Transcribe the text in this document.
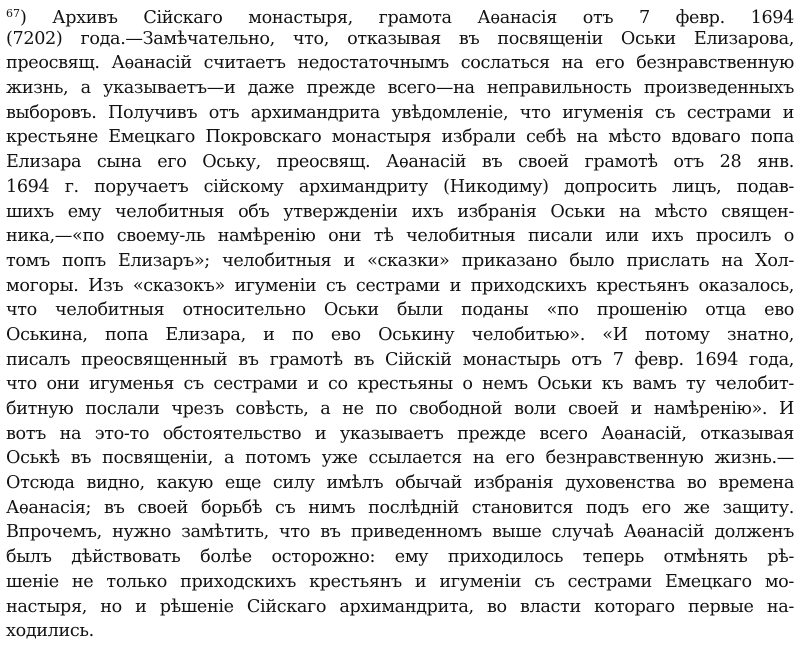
$^{67}$) Архивъ Сійскаго монастыря, грамота Аѳанасія отъ 7 февр. 1694
(7202) года.—Замѣчательно, что, отказывая въ посвященіи Оськи Елизарова,
преосвящ. Аѳанасій считаетъ недостаточнымъ сослаться на его безнравственную
жизнь, а указываетъ—и даже прежде всего—на неправильность произведенныхъ
выборовъ. Получивъ отъ архимандрита увѣдомленіе, что игуменія съ сестрами и
крестьяне Емецкаго Покровскаго монастыря избрали себѣ на мѣсто вдоваго попа
Елизара сына его Оську, преосвящ. Аѳанасій въ своей грамотѣ отъ 28 янв.
1694 г. поручаетъ сійскому архимандриту (Никодиму) допросить лицъ, подав-
шихъ ему челобитныя объ утвержденіи ихъ избранія Оськи на мѣсто священ-
ника,—«по своему-ль намѣренію они тѣ челобитныя писали или ихъ просилъ о
томъ попъ Елизаръ»; челобитныя и «сказки» приказано было прислать на Хол-
могоры. Изъ «сказокъ» игуменіи съ сестрами и приходскихъ крестьянъ оказалось,
что челобитныя относительно Оськи были поданы «по прошенію отца ево
Оськина, попа Елизара, и по ево Оськину челобитью». «И потому знатно,
писалъ преосвященный въ грамотѣ въ Сійскій монастырь отъ 7 февр. 1694 года,
что они игуменья съ сестрами и со крестьяны о немъ Оськи къ вамъ ту челобит-
битную послали чрезъ совѣсть, а не по свободной воли своей и намѣренію». И
вотъ на это-то обстоятельство и указываетъ прежде всего Аѳанасій, отказывая
Оськѣ въ посвященіи, а потомъ уже ссылается на его безнравственную жизнь.—
Отсюда видно, какую еще силу имѣлъ обычай избранія духовенства во времена
Аѳанасія; въ своей борьбѣ съ нимъ послѣдній становится подъ его же защиту.
Впрочемъ, нужно замѣтить, что въ приведенномъ выше случаѣ Аѳанасій долженъ
былъ дѣйствовать болѣе осторожно: ему приходилось теперь отмѣнять рѣ-
шеніе не только приходскихъ крестьянъ и игуменіи съ сестрами Емецкаго мо-
настыря, но и рѣшеніе Сійскаго архимандрита, во власти котораго первые на-
ходились.
